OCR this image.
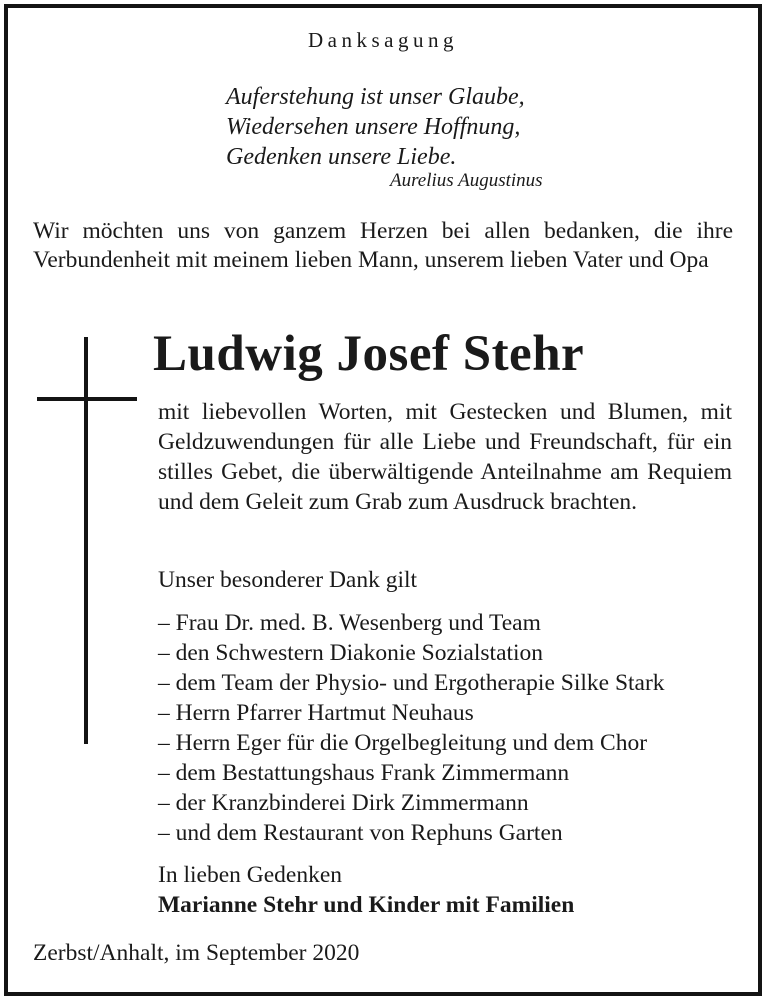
Danksagung
Auferstehung ist unser Glaube,
Wiedersehen unsere Hoffnung,
Gedenken unsere Liebe.
Aurelius Augustinus
Wir möchten uns von ganzem Herzen bei allen bedanken, die ihre Verbundenheit mit meinem lieben Mann, unserem lieben Vater und Opa
Ludwig Josef Stehr
mit liebevollen Worten, mit Gestecken und Blumen, mit Geldzuwendungen für alle Liebe und Freundschaft, für ein stilles Gebet, die überwältigende Anteilnahme am Requiem und dem Geleit zum Grab zum Ausdruck brachten.
Unser besonderer Dank gilt
– Frau Dr. med. B. Wesenberg und Team
– den Schwestern Diakonie Sozialstation
– dem Team der Physio- und Ergotherapie Silke Stark
– Herrn Pfarrer Hartmut Neuhaus
– Herrn Eger für die Orgelbegleitung und dem Chor
– dem Bestattungshaus Frank Zimmermann
– der Kranzbinderei Dirk Zimmermann
– und dem Restaurant von Rephuns Garten
In lieben Gedenken
Marianne Stehr und Kinder mit Familien
Zerbst/Anhalt, im September 2020
